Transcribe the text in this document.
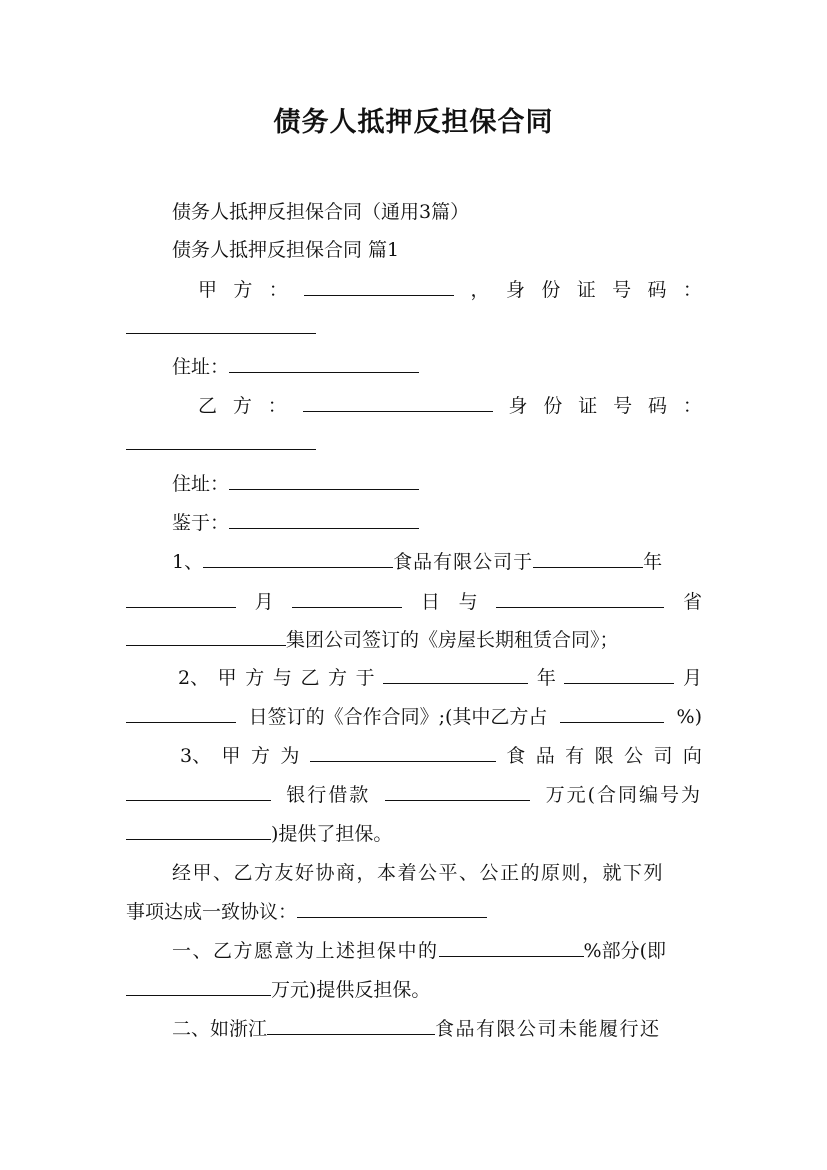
债务人抵押反担保合同
债务人抵押反担保合同（通用3篇）
债务人抵押反担保合同 篇1
甲 方 ：	， 身 份 证 号 码 ：
住址：
乙 方 ：	身 份 证 号 码 ：
住址：
鉴于：
1、	食品有限公司于	年
月	日 与	省
集团公司签订的《房屋长期租赁合同》；
2、 甲 方 与 乙 方 于	年	月
日签订的《合作合同》;(其中乙方占	%)
3、 甲 方 为	食 品 有 限 公 司 向
银行借款	万元(合同编号为
)提供了担保。
经甲、乙方友好协商，本着公平、公正的原则，就下列
事项达成一致协议：
一、乙方愿意为上述担保中的	%部分(即
万元)提供反担保。
二、如浙江	食品有限公司未能履行还
